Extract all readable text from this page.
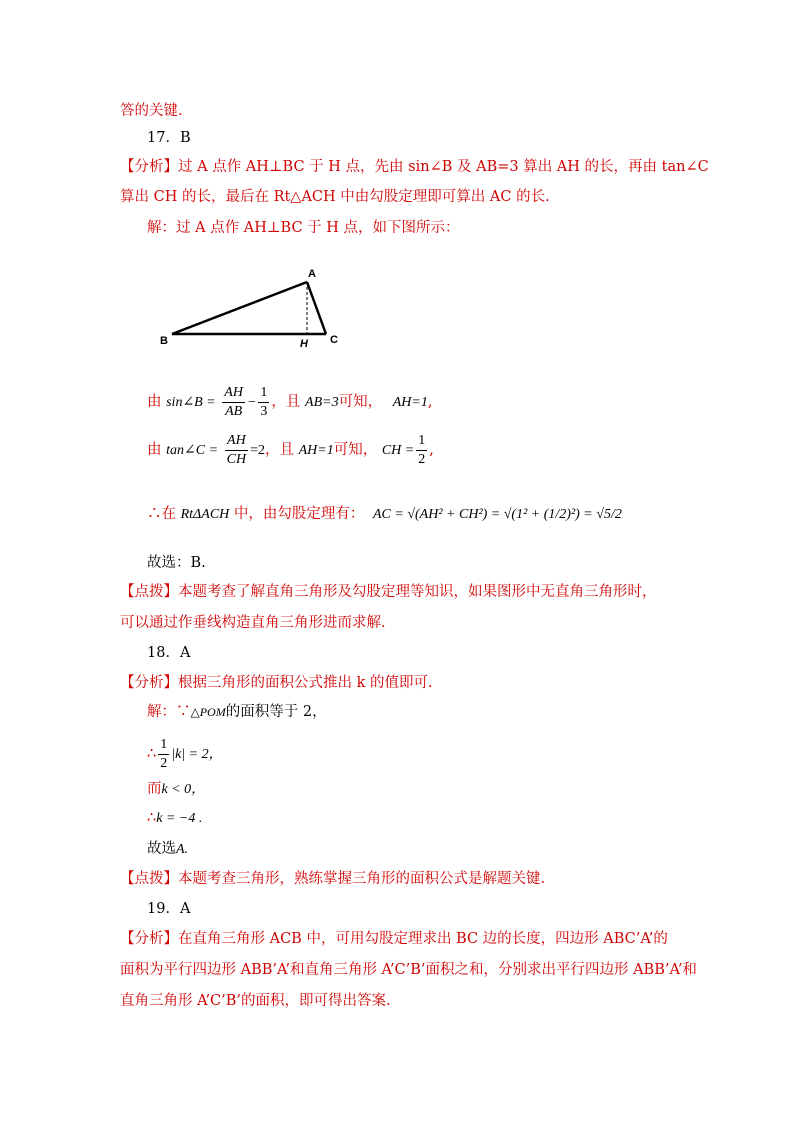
答的关键.
17．B
【分析】过 A 点作 AH⊥BC 于 H 点，先由 sin∠B 及 AB=3 算出 AH 的长，再由 tan∠C
算出 CH 的长，最后在 Rt△ACH 中由勾股定理即可算出 AC 的长.
解：过 A 点作 AH⊥BC 于 H 点，如下图所示：
A
B	C
H
由 sin∠B = $\frac{AH}{AB} - \frac{1}{3}$ ，且 AB=3可知， AH=1,
由 tan∠C = $\frac{AH}{CH} =2$，且 AH=1可知， CH = $\frac{1}{2}$ ,
∴在 RtΔACH 中，由勾股定理有： AC = √(AH² + CH²) = √(1² + (1/2)²) = √5/2
故选：B.
【点拨】本题考查了解直角三角形及勾股定理等知识，如果图形中无直角三角形时，
可以通过作垂线构造直角三角形进而求解.
18．A
【分析】根据三角形的面积公式推出 k 的值即可.
解：∵△POM的面积等于 2，
∴ $\frac{1}{2} |k| = 2$，
而k < 0，
∴k = −4 .
故选A.
【点拨】本题考查三角形，熟练掌握三角形的面积公式是解题关键.
19．A
【分析】在直角三角形 ACB 中，可用勾股定理求出 BC 边的长度，四边形 ABC’A’的
面积为平行四边形 ABB’A’和直角三角形 A’C’B’面积之和，分别求出平行四边形 ABB’A’和
直角三角形 A’C’B’的面积，即可得出答案.
